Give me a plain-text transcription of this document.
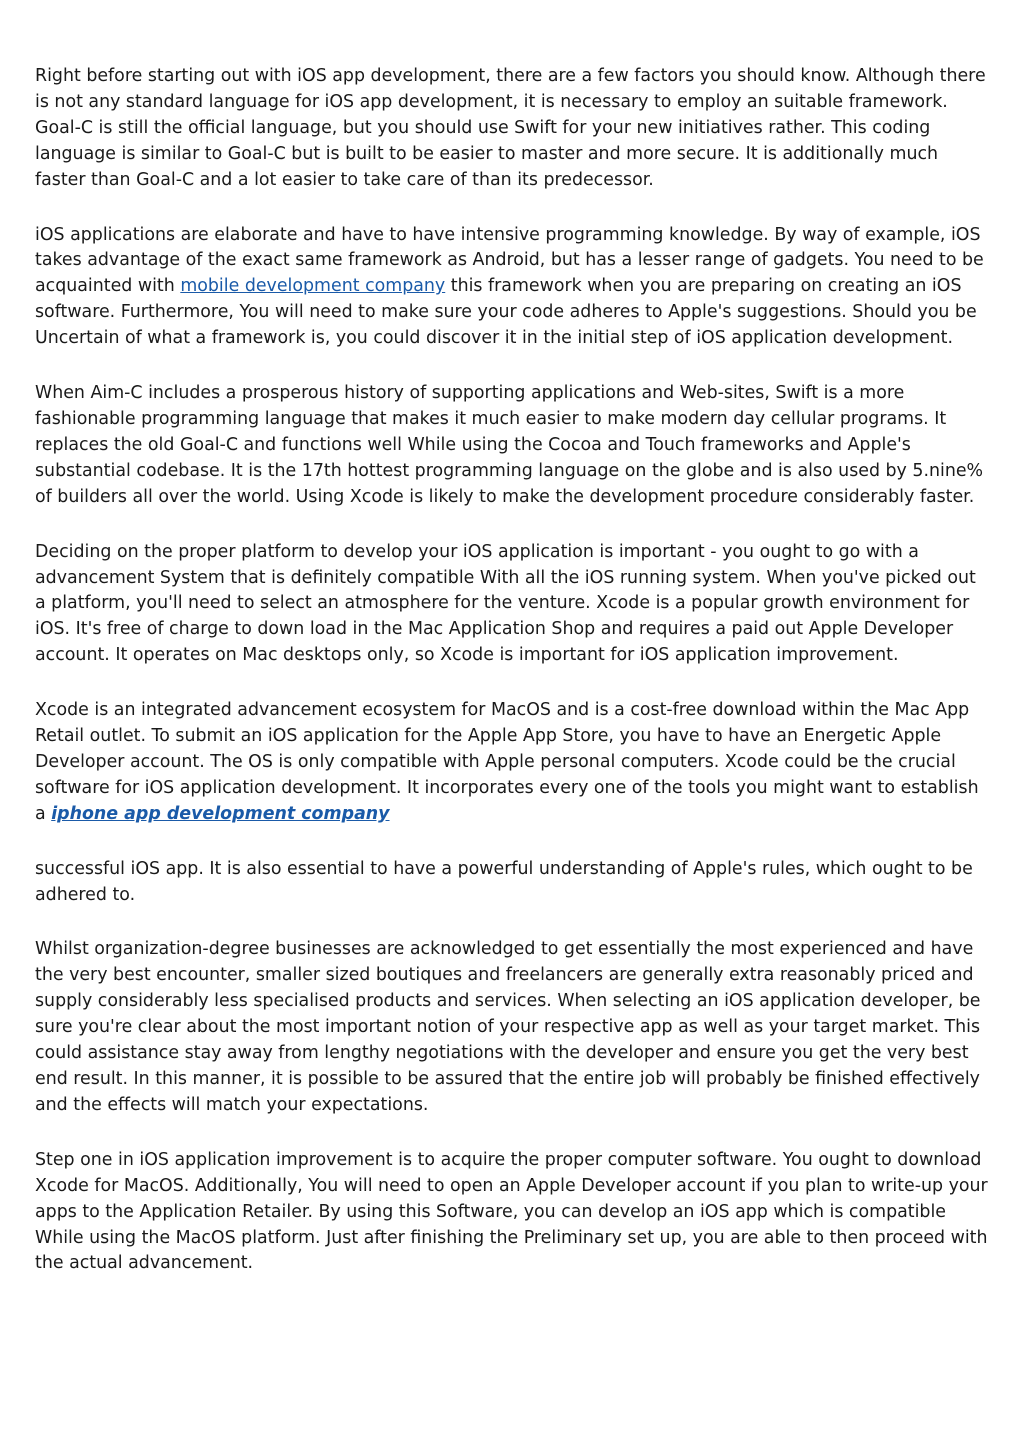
Right before starting out with iOS app development, there are a few factors you should know. Although there is not any standard language for iOS app development, it is necessary to employ an suitable framework. Goal-C is still the official language, but you should use Swift for your new initiatives rather. This coding language is similar to Goal-C but is built to be easier to master and more secure. It is additionally much faster than Goal-C and a lot easier to take care of than its predecessor.

iOS applications are elaborate and have to have intensive programming knowledge. By way of example, iOS takes advantage of the exact same framework as Android, but has a lesser range of gadgets. You need to be acquainted with mobile development company this framework when you are preparing on creating an iOS software. Furthermore, You will need to make sure your code adheres to Apple's suggestions. Should you be Uncertain of what a framework is, you could discover it in the initial step of iOS application development.

When Aim-C includes a prosperous history of supporting applications and Web-sites, Swift is a more fashionable programming language that makes it much easier to make modern day cellular programs. It replaces the old Goal-C and functions well While using the Cocoa and Touch frameworks and Apple's substantial codebase. It is the 17th hottest programming language on the globe and is also used by 5.nine% of builders all over the world. Using Xcode is likely to make the development procedure considerably faster.

Deciding on the proper platform to develop your iOS application is important - you ought to go with a advancement System that is definitely compatible With all the iOS running system. When you've picked out a platform, you'll need to select an atmosphere for the venture. Xcode is a popular growth environment for iOS. It's free of charge to down load in the Mac Application Shop and requires a paid out Apple Developer account. It operates on Mac desktops only, so Xcode is important for iOS application improvement.

Xcode is an integrated advancement ecosystem for MacOS and is a cost-free download within the Mac App Retail outlet. To submit an iOS application for the Apple App Store, you have to have an Energetic Apple Developer account. The OS is only compatible with Apple personal computers. Xcode could be the crucial software for iOS application development. It incorporates every one of the tools you might want to establish a iphone app development company

successful iOS app. It is also essential to have a powerful understanding of Apple's rules, which ought to be adhered to.

Whilst organization-degree businesses are acknowledged to get essentially the most experienced and have the very best encounter, smaller sized boutiques and freelancers are generally extra reasonably priced and supply considerably less specialised products and services. When selecting an iOS application developer, be sure you're clear about the most important notion of your respective app as well as your target market. This could assistance stay away from lengthy negotiations with the developer and ensure you get the very best end result. In this manner, it is possible to be assured that the entire job will probably be finished effectively and the effects will match your expectations.

Step one in iOS application improvement is to acquire the proper computer software. You ought to download Xcode for MacOS. Additionally, You will need to open an Apple Developer account if you plan to write-up your apps to the Application Retailer. By using this Software, you can develop an iOS app which is compatible While using the MacOS platform. Just after finishing the Preliminary set up, you are able to then proceed with the actual advancement.
